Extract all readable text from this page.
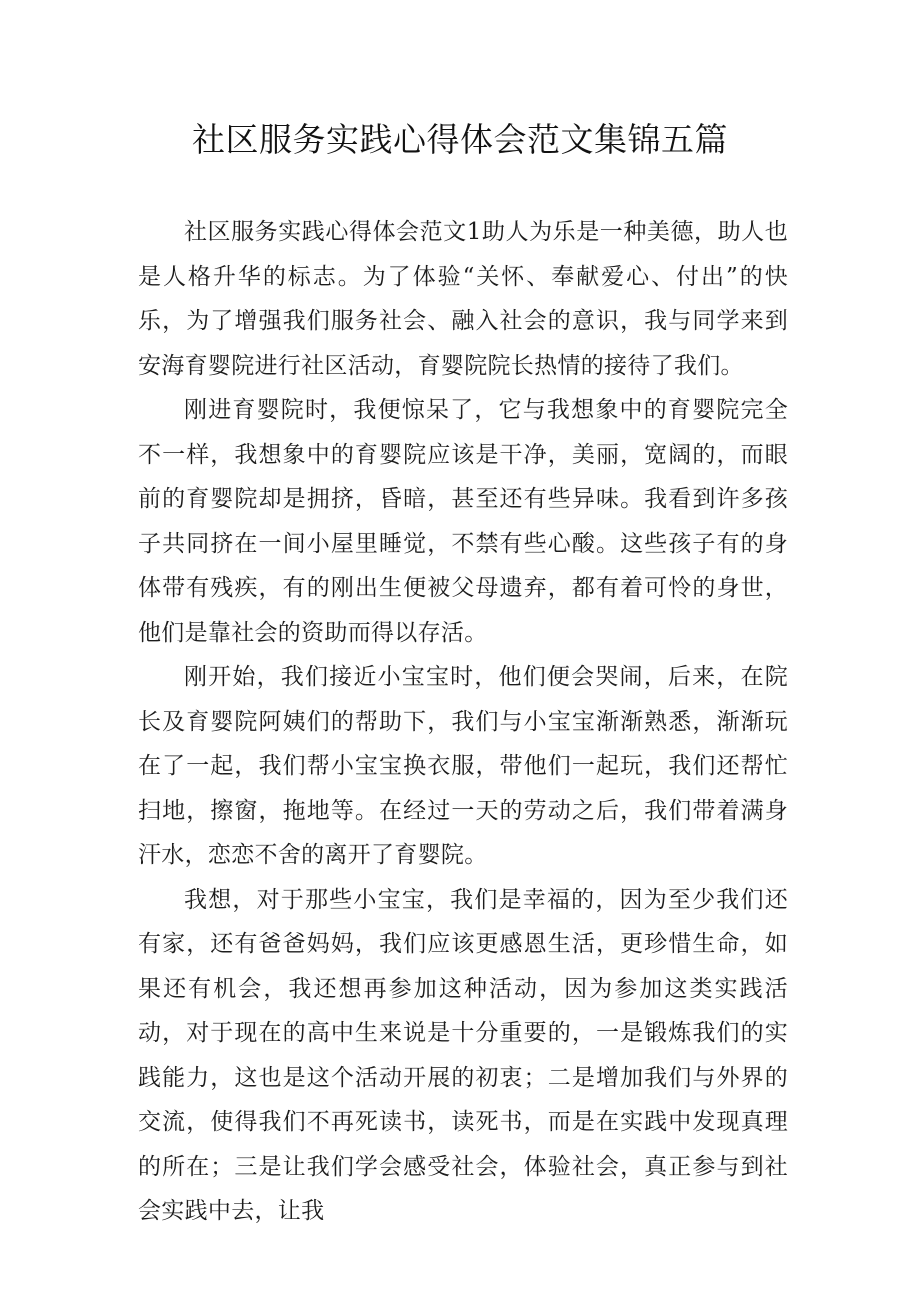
社区服务实践心得体会范文集锦五篇

社区服务实践心得体会范文1助人为乐是一种美德，助人也是人格升华的标志。为了体验“关怀、奉献爱心、付出”的快乐，为了增强我们服务社会、融入社会的意识，我与同学来到安海育婴院进行社区活动，育婴院院长热情的接待了我们。

刚进育婴院时，我便惊呆了，它与我想象中的育婴院完全不一样，我想象中的育婴院应该是干净，美丽，宽阔的，而眼前的育婴院却是拥挤，昏暗，甚至还有些异味。我看到许多孩子共同挤在一间小屋里睡觉，不禁有些心酸。这些孩子有的身体带有残疾，有的刚出生便被父母遗弃，都有着可怜的身世，他们是靠社会的资助而得以存活。

刚开始，我们接近小宝宝时，他们便会哭闹，后来，在院长及育婴院阿姨们的帮助下，我们与小宝宝渐渐熟悉，渐渐玩在了一起，我们帮小宝宝换衣服，带他们一起玩，我们还帮忙扫地，擦窗，拖地等。在经过一天的劳动之后，我们带着满身汗水，恋恋不舍的离开了育婴院。

我想，对于那些小宝宝，我们是幸福的，因为至少我们还有家，还有爸爸妈妈，我们应该更感恩生活，更珍惜生命，如果还有机会，我还想再参加这种活动，因为参加这类实践活动，对于现在的高中生来说是十分重要的，一是锻炼我们的实践能力，这也是这个活动开展的初衷；二是增加我们与外界的交流，使得我们不再死读书，读死书，而是在实践中发现真理的所在；三是让我们学会感受社会，体验社会，真正参与到社会实践中去，让我
